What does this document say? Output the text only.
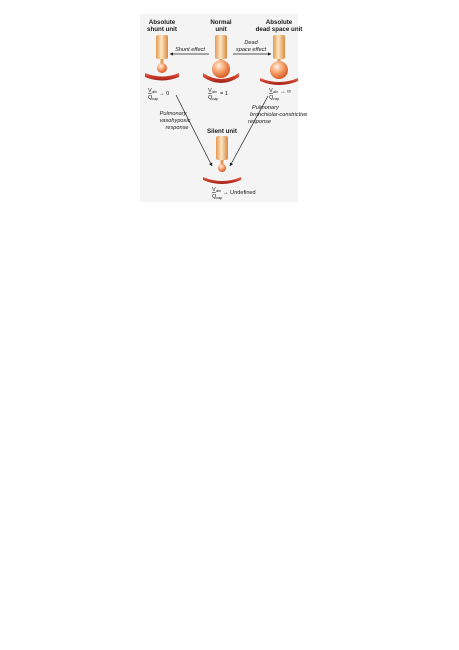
Absolute
shunt unit
Normal
unit
Absolute
dead space unit
Shunt effect
Dead
space effect
V alv → 0
Q cap
V alv = 1
Q cap
V alv → ∞
Q cap
Pulmonary
vasohypoxic
response
Pulmonary
bronchiolar-constrictive
response
Silent unit
V alv → Undefined
Q cap
